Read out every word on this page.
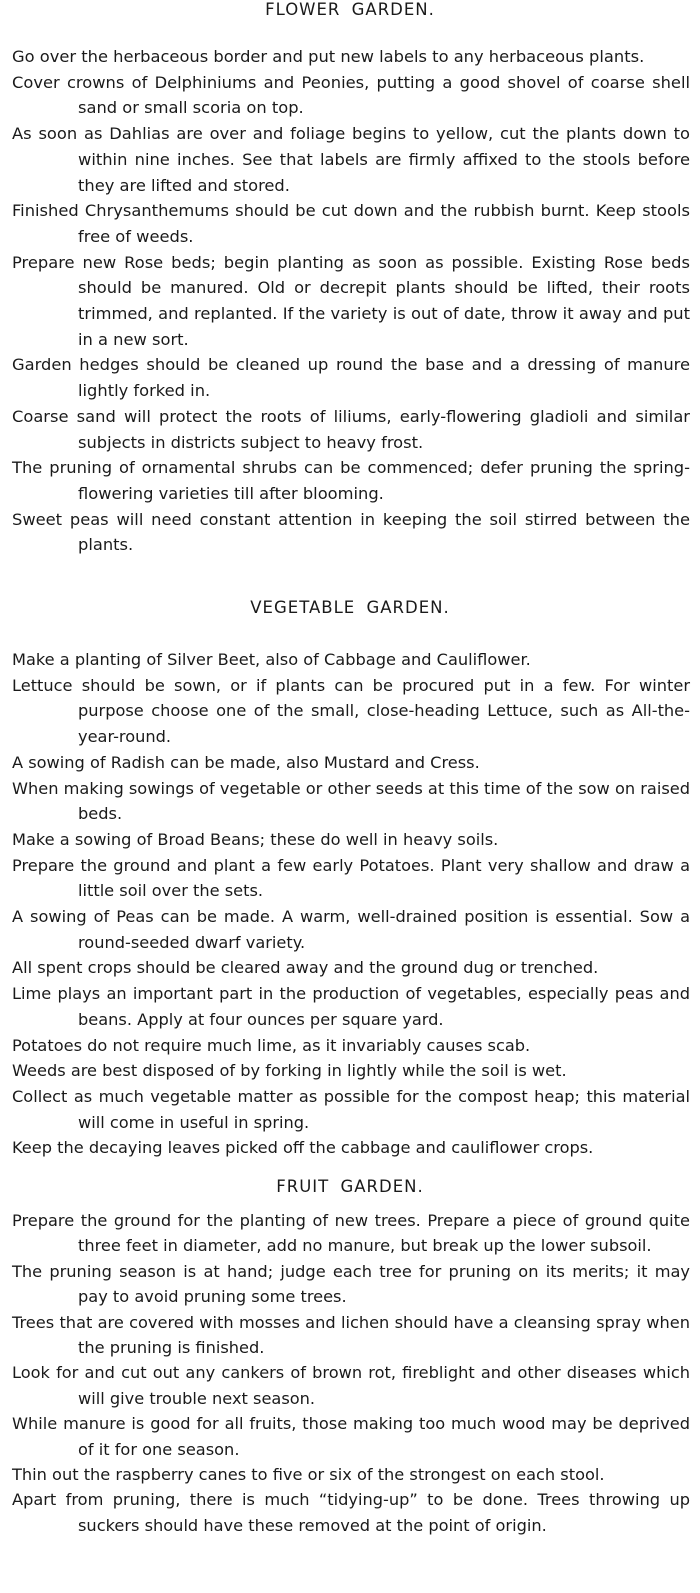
FLOWER GARDEN.

Go over the herbaceous border and put new labels to any herbaceous plants.

Cover crowns of Delphiniums and Peonies, putting a good shovel of coarse shell sand or small scoria on top.

As soon as Dahlias are over and foliage begins to yellow, cut the plants down to within nine inches. See that labels are firmly affixed to the stools before they are lifted and stored.

Finished Chrysanthemums should be cut down and the rubbish burnt. Keep stools free of weeds.

Prepare new Rose beds; begin planting as soon as possible. Existing Rose beds should be manured. Old or decrepit plants should be lifted, their roots trimmed, and replanted. If the variety is out of date, throw it away and put in a new sort.

Garden hedges should be cleaned up round the base and a dressing of manure lightly forked in.

Coarse sand will protect the roots of liliums, early-flowering gladioli and similar subjects in districts subject to heavy frost.

The pruning of ornamental shrubs can be commenced; defer pruning the spring-flowering varieties till after blooming.

Sweet peas will need constant attention in keeping the soil stirred between the plants.

VEGETABLE GARDEN.

Make a planting of Silver Beet, also of Cabbage and Cauliflower.

Lettuce should be sown, or if plants can be procured put in a few. For winter purpose choose one of the small, close-heading Lettuce, such as All-the-year-round.

A sowing of Radish can be made, also Mustard and Cress.

When making sowings of vegetable or other seeds at this time of the sow on raised beds.

Make a sowing of Broad Beans; these do well in heavy soils.

Prepare the ground and plant a few early Potatoes. Plant very shallow and draw a little soil over the sets.

A sowing of Peas can be made. A warm, well-drained position is essential. Sow a round-seeded dwarf variety.

All spent crops should be cleared away and the ground dug or trenched.

Lime plays an important part in the production of vegetables, especially peas and beans. Apply at four ounces per square yard.

Potatoes do not require much lime, as it invariably causes scab.

Weeds are best disposed of by forking in lightly while the soil is wet.

Collect as much vegetable matter as possible for the compost heap; this material will come in useful in spring.

Keep the decaying leaves picked off the cabbage and cauliflower crops.

FRUIT GARDEN.

Prepare the ground for the planting of new trees. Prepare a piece of ground quite three feet in diameter, add no manure, but break up the lower subsoil.

The pruning season is at hand; judge each tree for pruning on its merits; it may pay to avoid pruning some trees.

Trees that are covered with mosses and lichen should have a cleansing spray when the pruning is finished.

Look for and cut out any cankers of brown rot, fireblight and other diseases which will give trouble next season.

While manure is good for all fruits, those making too much wood may be deprived of it for one season.

Thin out the raspberry canes to five or six of the strongest on each stool.

Apart from pruning, there is much “tidying-up” to be done. Trees throwing up suckers should have these removed at the point of origin.
